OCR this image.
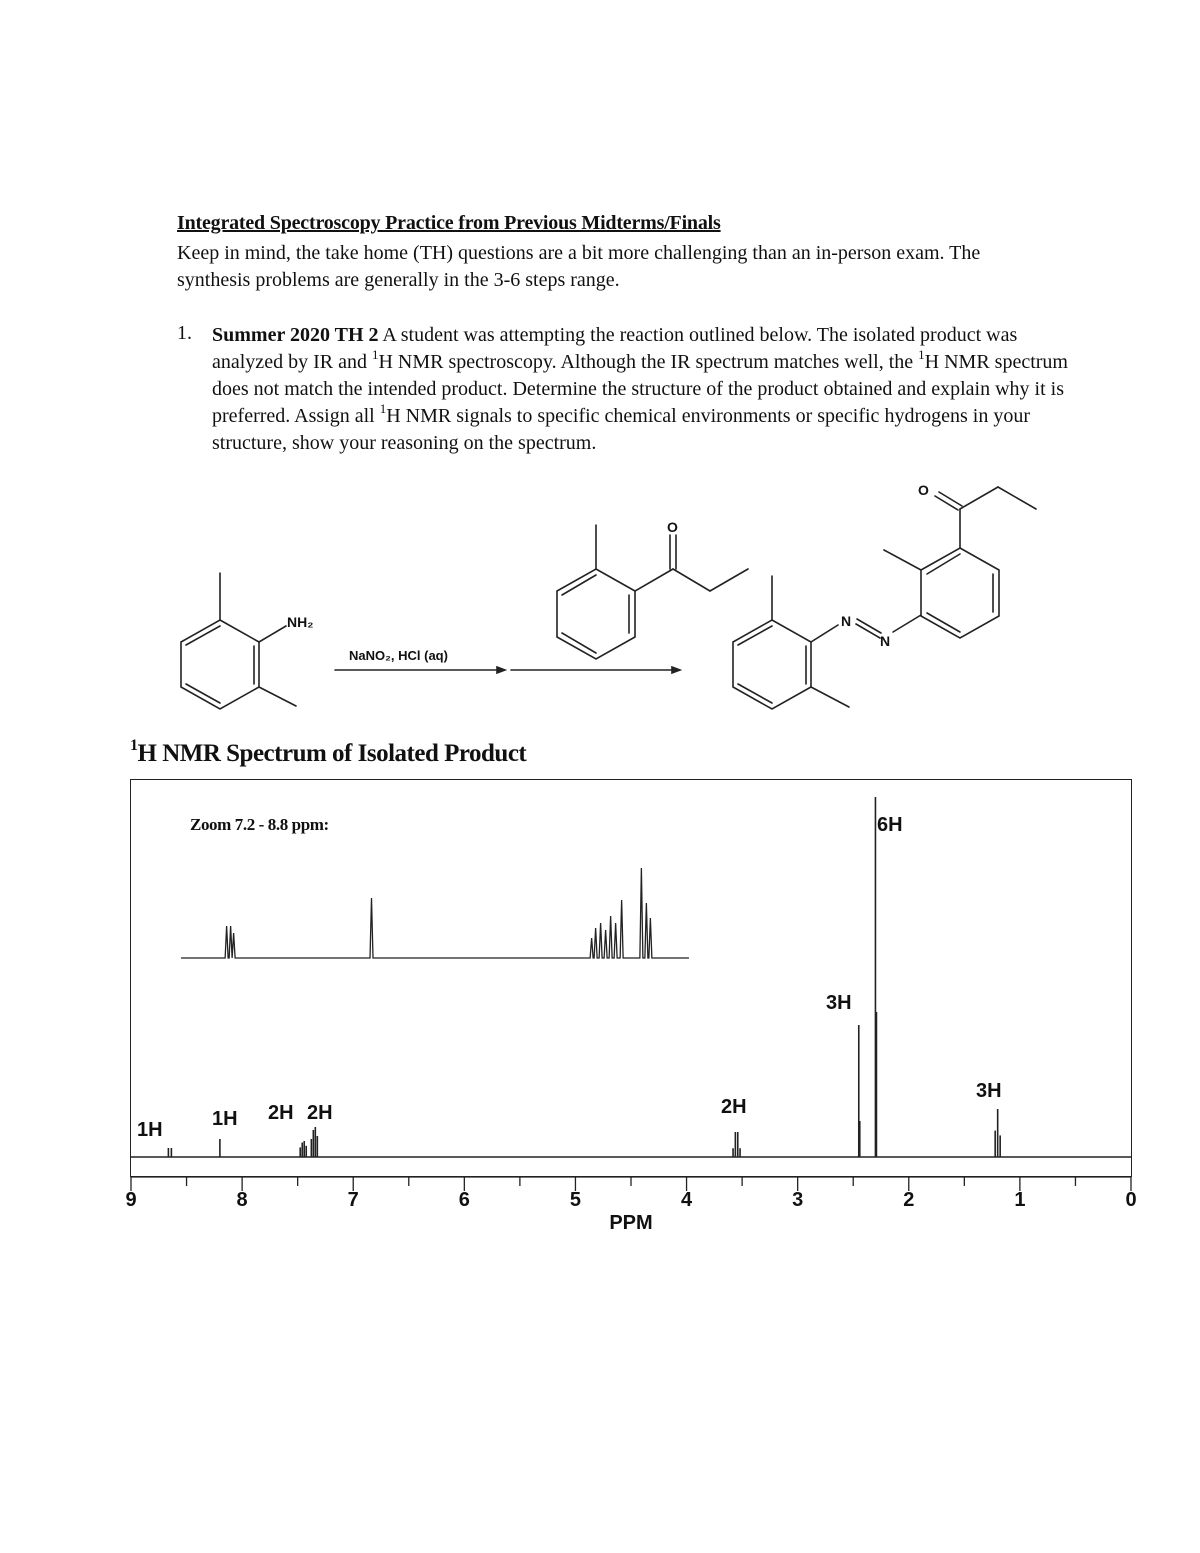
Integrated Spectroscopy Practice from Previous Midterms/Finals
Keep in mind, the take home (TH) questions are a bit more challenging than an in-person exam. The synthesis problems are generally in the 3-6 steps range.
1. Summer 2020 TH 2 A student was attempting the reaction outlined below. The isolated product was analyzed by IR and $^1$H NMR spectroscopy. Although the IR spectrum matches well, the $^1$H NMR spectrum does not match the intended product. Determine the structure of the product obtained and explain why it is preferred. Assign all $^1$H NMR signals to specific chemical environments or specific hydrogens in your structure, show your reasoning on the spectrum.
NH₂
NaNO₂, HCl (aq)
O
O
N
N
$^1$H NMR Spectrum of Isolated Product
Zoom 7.2 - 8.8 ppm:
9	8	7	6	5	4	3	2	1	0
PPM
1H 1H 2H 2H	2H
3H
6H
3H
